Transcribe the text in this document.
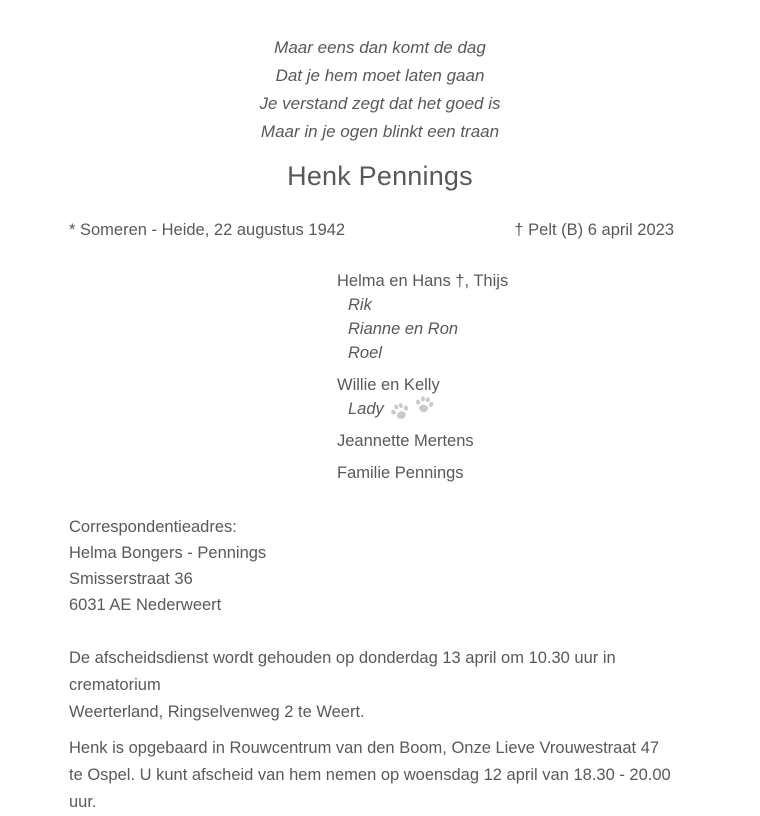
Maar eens dan komt de dag
Dat je hem moet laten gaan
Je verstand zegt dat het goed is
Maar in je ogen blinkt een traan
Henk Pennings
* Someren - Heide, 22 augustus 1942	† Pelt (B) 6 april 2023
Helma en Hans †, Thijs
Rik
Rianne en Ron
Roel
Willie en Kelly
Lady
Jeannette Mertens
Familie Pennings
Correspondentieadres:
Helma Bongers - Pennings
Smisserstraat 36
6031 AE Nederweert
De afscheidsdienst wordt gehouden op donderdag 13 april om 10.30 uur in crematorium
Weerterland, Ringselvenweg 2 te Weert.
Henk is opgebaard in Rouwcentrum van den Boom, Onze Lieve Vrouwestraat 47
te Ospel. U kunt afscheid van hem nemen op woensdag 12 april van 18.30 - 20.00 uur.
